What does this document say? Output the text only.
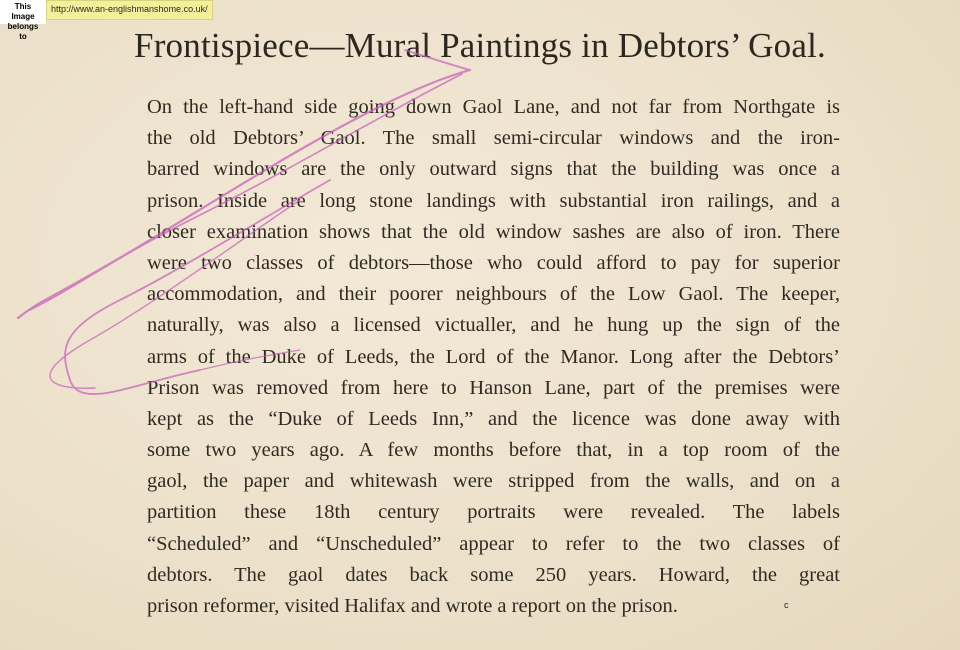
This Image belongs to
http://www.an-englishmanshome.co.uk/
Frontispiece—Mural Paintings in Debtors’ Goal.
On the left-hand side going down Gaol Lane, and not far from Northgate is
the old Debtors’ Gaol. The small semi-circular windows and the iron-
barred windows are the only outward signs that the building was once a
prison. Inside are long stone landings with substantial iron railings, and a
closer examination shows that the old window sashes are also of iron. There
were two classes of debtors—those who could afford to pay for superior
accommodation, and their poorer neighbours of the Low Gaol. The keeper,
naturally, was also a licensed victualler, and he hung up the sign of the
arms of the Duke of Leeds, the Lord of the Manor. Long after the Debtors’
Prison was removed from here to Hanson Lane, part of the premises were
kept as the “Duke of Leeds Inn,” and the licence was done away with
some two years ago. A few months before that, in a top room of the
gaol, the paper and whitewash were stripped from the walls, and on a
partition these 18th century portraits were revealed. The labels
“Scheduled” and “Unscheduled” appear to refer to the two classes of
debtors. The gaol dates back some 250 years. Howard, the great
prison reformer, visited Halifax and wrote a report on the prison.	c
